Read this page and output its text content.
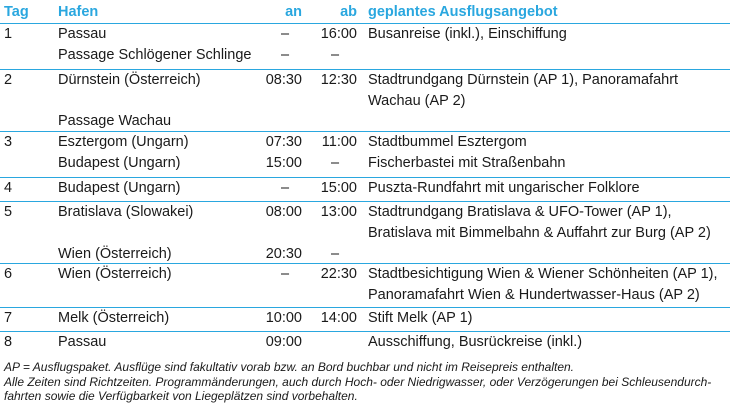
Tag Hafen	an	ab geplantes Ausflugsangebot
1	Passau	–	16:00 Busanreise (inkl.), Einschiffung
Passage Schlögener Schlinge	–	–
2	Dürnstein (Österreich)	08:30	12:30 Stadtrundgang Dürnstein (AP 1), Panoramafahrt
Wachau (AP 2)
Passage Wachau
3	Esztergom (Ungarn)	07:30	11:00 Stadtbummel Esztergom
Budapest (Ungarn)	15:00	–	Fischerbastei mit Straßenbahn
4	Budapest (Ungarn)	–	15:00 Puszta-Rundfahrt mit ungarischer Folklore
5	Bratislava (Slowakei)	08:00	13:00 Stadtrundgang Bratislava & UFO-Tower (AP 1),
Bratislava mit Bimmelbahn & Auffahrt zur Burg (AP 2)
Wien (Österreich)	20:30	–
6	Wien (Österreich)	–	22:30 Stadtbesichtigung Wien & Wiener Schönheiten (AP 1),
Panoramafahrt Wien & Hundertwasser-Haus (AP 2)
7	Melk (Österreich)	10:00	14:00 Stift Melk (AP 1)
8	Passau	09:00	Ausschiffung, Busrückreise (inkl.)

AP = Ausflugspaket. Ausflüge sind fakultativ vorab bzw. an Bord buchbar und nicht im Reisepreis enthalten.

Alle Zeiten sind Richtzeiten. Programmänderungen, auch durch Hoch- oder Niedrigwasser, oder Verzögerungen bei Schleusendurch-

fahrten sowie die Verfügbarkeit von Liegeplätzen sind vorbehalten.
